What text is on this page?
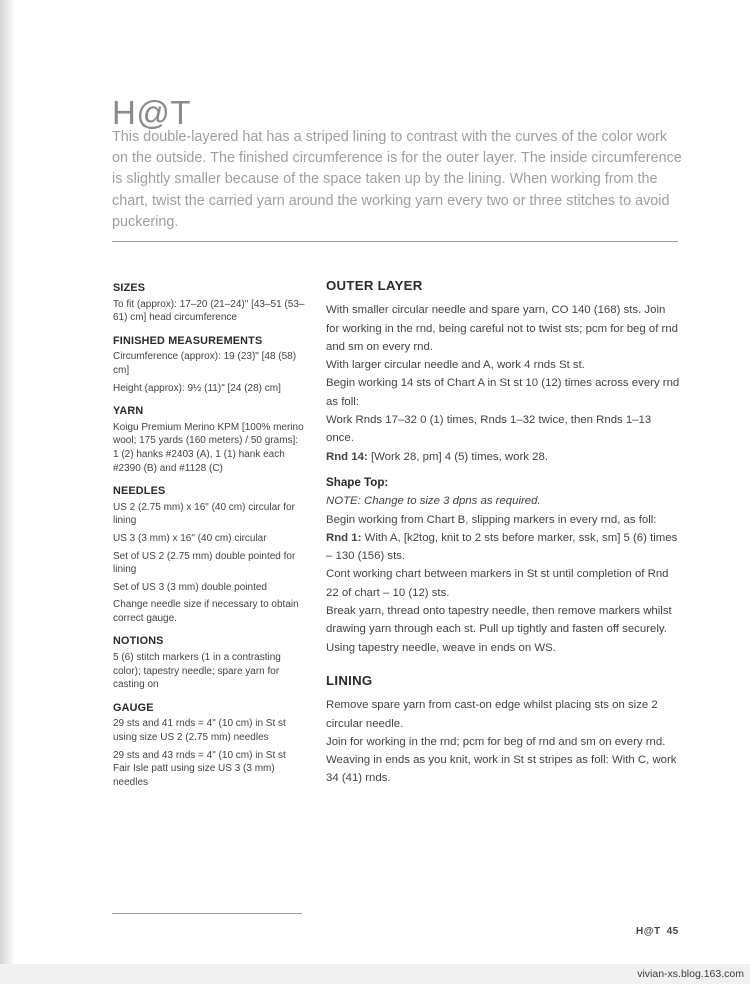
H@T

This double-layered hat has a striped lining to contrast with the curves of the color work on the outside. The finished circumference is for the outer layer. The inside circumference is slightly smaller because of the space taken up by the lining. When working from the chart, twist the carried yarn around the working yarn every two or three stitches to avoid puckering.

SIZES
To fit (approx): 17–20 (21–24)" [43–51 (53–61) cm] head circumference
FINISHED MEASUREMENTS
Circumference (approx): 19 (23)" [48 (58) cm]
Height (approx): 9½ (11)" [24 (28) cm]
YARN
Koigu Premium Merino KPM [100% merino wool; 175 yards (160 meters) / 50 grams]: 1 (2) hanks #2403 (A), 1 (1) hank each #2390 (B) and #1128 (C)
NEEDLES
US 2 (2.75 mm) x 16" (40 cm) circular for lining
US 3 (3 mm) x 16" (40 cm) circular
Set of US 2 (2.75 mm) double pointed for lining
Set of US 3 (3 mm) double pointed
Change needle size if necessary to obtain correct gauge.
NOTIONS
5 (6) stitch markers (1 in a contrasting color); tapestry needle; spare yarn for casting on
GAUGE
29 sts and 41 rnds = 4" (10 cm) in St st using size US 2 (2.75 mm) needles
29 sts and 43 rnds = 4" (10 cm) in St st Fair Isle patt using size US 3 (3 mm) needles
OUTER LAYER
With smaller circular needle and spare yarn, CO 140 (168) sts. Join for working in the rnd, being careful not to twist sts; pcm for beg of rnd and sm on every rnd.
With larger circular needle and A, work 4 rnds St st.
Begin working 14 sts of Chart A in St st 10 (12) times across every rnd as foll:
Work Rnds 17–32 0 (1) times, Rnds 1–32 twice, then Rnds 1–13 once.
Rnd 14: [Work 28, pm] 4 (5) times, work 28.
Shape Top:
NOTE: Change to size 3 dpns as required.
Begin working from Chart B, slipping markers in every rnd, as foll:
Rnd 1: With A, [k2tog, knit to 2 sts before marker, ssk, sm] 5 (6) times – 130 (156) sts.
Cont working chart between markers in St st until completion of Rnd 22 of chart – 10 (12) sts.
Break yarn, thread onto tapestry needle, then remove markers whilst drawing yarn through each st. Pull up tightly and fasten off securely.
Using tapestry needle, weave in ends on WS.
LINING
Remove spare yarn from cast-on edge whilst placing sts on size 2 circular needle.
Join for working in the rnd; pcm for beg of rnd and sm on every rnd.
Weaving in ends as you knit, work in St st stripes as foll: With C, work 34 (41) rnds.
H@T 45
vivian-xs.blog.163.com
